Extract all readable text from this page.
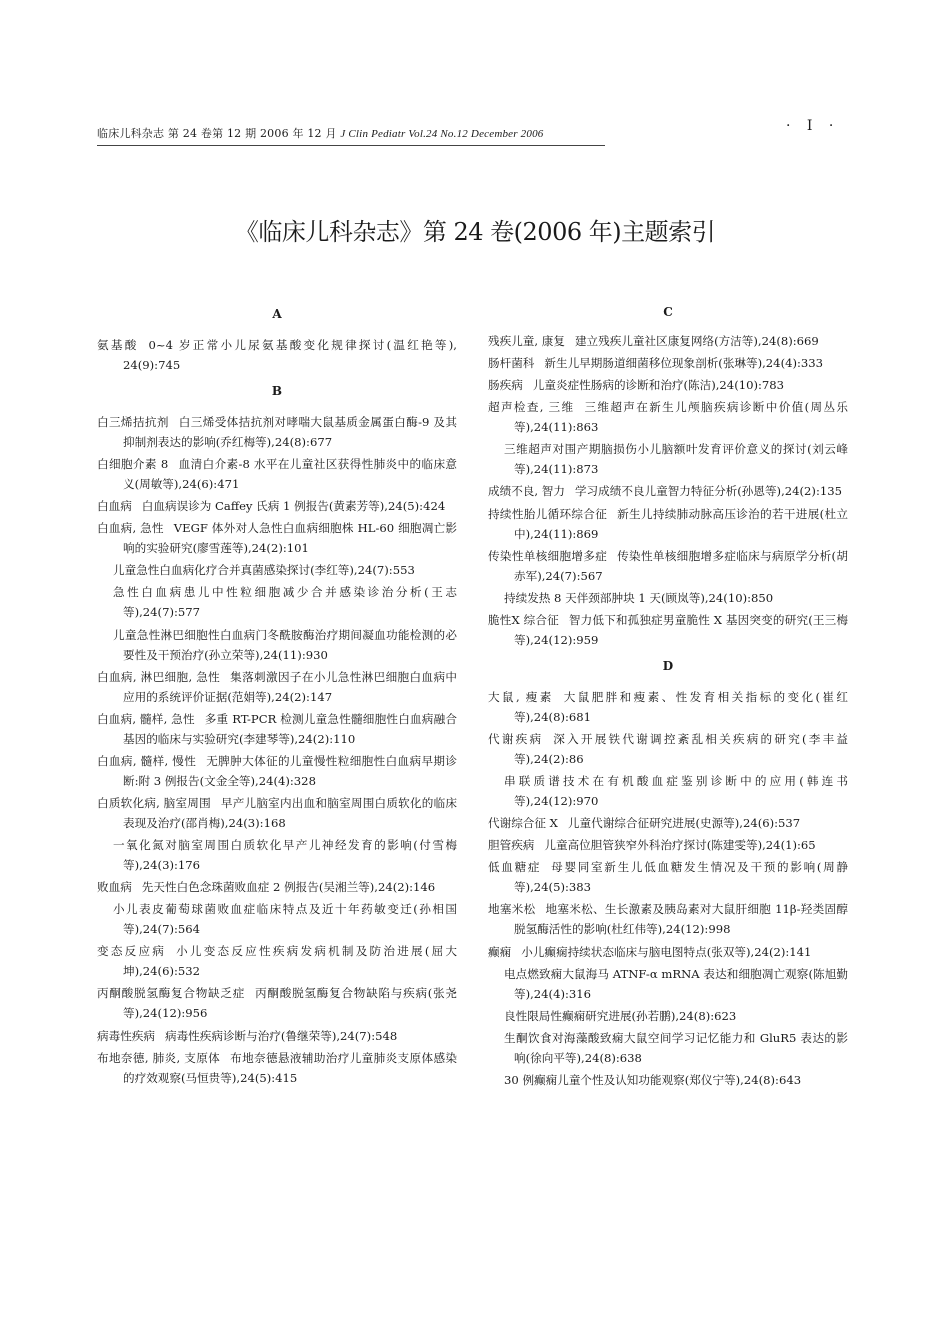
临床儿科杂志 第 24 卷第 12 期 2006 年 12 月 J Clin Pediatr Vol.24 No.12 December 2006	· Ⅰ ·
《临床儿科杂志》第 24 卷(2006 年)主题索引
A
氨基酸 0~4 岁正常小儿尿氨基酸变化规律探讨(温红艳等), 24(9):745
B
白三烯拮抗剂 白三烯受体拮抗剂对哮喘大鼠基质金属蛋白酶-9 及其抑制剂表达的影响(乔红梅等),24(8):677
白细胞介素 8 血清白介素-8 水平在儿童社区获得性肺炎中的临床意义(周敏等),24(6):471
白血病 白血病误诊为 Caffey 氏病 1 例报告(黄素芳等),24(5):424
白血病, 急性 VEGF 体外对人急性白血病细胞株 HL-60 细胞凋亡影响的实验研究(廖雪莲等),24(2):101
儿童急性白血病化疗合并真菌感染探讨(李红等),24(7):553
急性白血病患儿中性粒细胞减少合并感染诊治分析(王志等),24(7):577
儿童急性淋巴细胞性白血病门冬酰胺酶治疗期间凝血功能检测的必要性及干预治疗(孙立荣等),24(11):930
白血病, 淋巴细胞, 急性 集落刺激因子在小儿急性淋巴细胞白血病中应用的系统评价证据(范娟等),24(2):147
白血病, 髓样, 急性 多重 RT-PCR 检测儿童急性髓细胞性白血病融合基因的临床与实验研究(李建琴等),24(2):110
白血病, 髓样, 慢性 无脾肿大体征的儿童慢性粒细胞性白血病早期诊断:附 3 例报告(文金全等),24(4):328
白质软化病, 脑室周围 早产儿脑室内出血和脑室周围白质软化的临床表现及治疗(邵肖梅),24(3):168
一氧化氮对脑室周围白质软化早产儿神经发育的影响(付雪梅等),24(3):176
败血病 先天性白色念珠菌败血症 2 例报告(吴湘兰等),24(2):146
小儿表皮葡萄球菌败血症临床特点及近十年药敏变迁(孙相国等),24(7):564
变态反应病 小儿变态反应性疾病发病机制及防治进展(屈大坤),24(6):532
丙酮酸脱氢酶复合物缺乏症 丙酮酸脱氢酶复合物缺陷与疾病(张尧等),24(12):956
病毒性疾病 病毒性疾病诊断与治疗(鲁继荣等),24(7):548
布地奈德, 肺炎, 支原体 布地奈德悬液辅助治疗儿童肺炎支原体感染的疗效观察(马恒贵等),24(5):415
C
残疾儿童, 康复 建立残疾儿童社区康复网络(方洁等),24(8):669
肠杆菌科 新生儿早期肠道细菌移位现象剖析(张琳等),24(4):333
肠疾病 儿童炎症性肠病的诊断和治疗(陈洁),24(10):783
超声检查, 三维 三维超声在新生儿颅脑疾病诊断中价值(周丛乐等),24(11):863
三维超声对围产期脑损伤小儿脑额叶发育评价意义的探讨(刘云峰等),24(11):873
成绩不良, 智力 学习成绩不良儿童智力特征分析(孙恩等),24(2):135
持续性胎儿循环综合征 新生儿持续肺动脉高压诊治的若干进展(杜立中),24(11):869
传染性单核细胞增多症 传染性单核细胞增多症临床与病原学分析(胡赤军),24(7):567
持续发热 8 天伴颈部肿块 1 天(顾岚等),24(10):850
脆性X 综合征 智力低下和孤独症男童脆性 X 基因突变的研究(王三梅等),24(12):959
D
大鼠, 瘦素 大鼠肥胖和瘦素、性发育相关指标的变化(崔红等),24(8):681
代谢疾病 深入开展铁代谢调控紊乱相关疾病的研究(李丰益等),24(2):86
串联质谱技术在有机酸血症鉴别诊断中的应用(韩连书等),24(12):970
代谢综合征 X 儿童代谢综合征研究进展(史源等),24(6):537
胆管疾病 儿童高位胆管狭窄外科治疗探讨(陈建雯等),24(1):65
低血糖症 母婴同室新生儿低血糖发生情况及干预的影响(周静等),24(5):383
地塞米松 地塞米松、生长激素及胰岛素对大鼠肝细胞 11β-羟类固醇脱氢酶活性的影响(杜红伟等),24(12):998
癫痫 小儿癫痫持续状态临床与脑电图特点(张双等),24(2):141
电点燃致痫大鼠海马 ATNF-α mRNA 表达和细胞凋亡观察(陈旭勤等),24(4):316
良性限局性癫痫研究进展(孙若鹏),24(8):623
生酮饮食对海藻酸致痫大鼠空间学习记忆能力和 GluR5 表达的影响(徐向平等),24(8):638
30 例癫痫儿童个性及认知功能观察(郑仪宁等),24(8):643
